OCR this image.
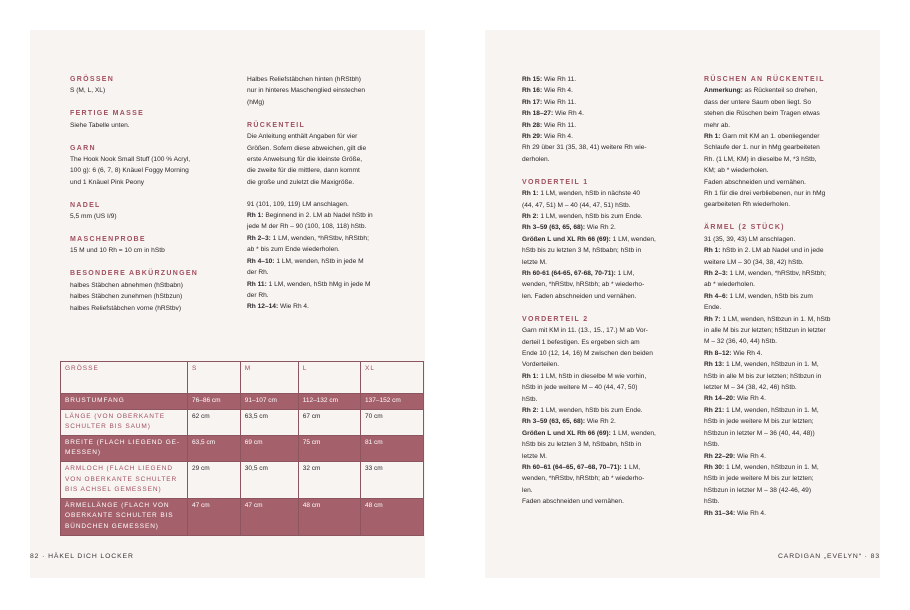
GRÖSSEN

S (M, L, XL)

FERTIGE MASSE

Siehe Tabelle unten.

GARN

The Hook Nook Small Stuff (100 % Acryl,
100 g): 6 (6, 7, 8) Knäuel Foggy Morning
und 1 Knäuel Pink Peony

NADEL

5,5 mm (US I/9)

MASCHENPROBE

15 M und 10 Rh = 10 cm in hStb

BESONDERE ABKÜRZUNGEN

halbes Stäbchen abnehmen (hStbabn)
halbes Stäbchen zunehmen (hStbzun)
halbes Reliefstäbchen vorne (hRStbv)
Halbes Reliefstäbchen hinten (hRStbh)
nur in hinteres Maschenglied einstechen
(hMg)

RÜCKENTEIL

Die Anleitung enthält Angaben für vier
Größen. Sofern diese abweichen, gilt die
erste Anwelsung für die kleinste Größe,
die zweite für die mittlere, dann kommt
die große und zuletzt die Maxigröße.
91 (101, 109, 119) LM anschlagen.
Rh 1: Beginnend in 2. LM ab Nadel hStb in
jede M der Rh – 90 (100, 108, 118) hStb.
Rh 2–3: 1 LM, wenden, *hRStbv, hRStbh;
ab * bis zum Ende wiederholen.
Rh 4–10: 1 LM, wenden, hStb in jede M
der Rh.
Rh 11: 1 LM, wenden, hStb hMg in jede M
der Rh.
Rh 12–14: Wie Rh 4.
GRÖSSE	S	M	L	XL

BRUSTUMFANG	76–86 cm	91–107 cm	112–132 cm	137–152 cm

LÄNGE (VON OBERKANTE
SCHULTER BIS SAUM)	62 cm	63,5 cm	67 cm	70 cm

BREITE (FLACH LIEGEND GE-
MESSEN)	63,5 cm	69 cm	75 cm	81 cm

ARMLOCH (FLACH LIEGEND
VON OBERKANTE SCHULTER
BIS ACHSEL GEMESSEN)	29 cm	30,5 cm	32 cm	33 cm

ÄRMELLÄNGE (FLACH VON
OBERKANTE SCHULTER BIS
BÜNDCHEN GEMESSEN)	47 cm	47 cm	48 cm	48 cm
82 · HÄKEL DICH LOCKER
Rh 15: Wie Rh 11.
Rh 16: Wie Rh 4.
Rh 17: Wie Rh 11.
Rh 18–27: Wie Rh 4.
Rh 28: Wie Rh 11.
Rh 29: Wie Rh 4.
Rh 29 über 31 (35, 38, 41) weitere Rh wie-
derholen.

VORDERTEIL 1

Rh 1: 1 LM, wenden, hStb in nächste 40
(44, 47, 51) M – 40 (44, 47, 51) hStb.
Rh 2: 1 LM, wenden, hStb bis zum Ende.
Rh 3–59 (63, 65, 68): Wie Rh 2.
Größen L und XL Rh 66 (69): 1 LM, wenden,
hStb bis zu letzten 3 M, hStbabn; hStb in
letzte M.
Rh 60-61 (64-65, 67-68, 70-71): 1 LM,
wenden, *hRStbv, hRStbh; ab * wiederho-
len. Faden abschneiden und vernähen.

VORDERTEIL 2

Garn mit KM in 11. (13., 15., 17.) M ab Vor-
derteil 1 befestigen. Es ergeben sich am
Ende 10 (12, 14, 16) M zwischen den beiden
Vorderteilen.
Rh 1: 1 LM, hStb in dieselbe M wie vorhin,
hStb in jede weitere M – 40 (44, 47, 50)
hStb.
Rh 2: 1 LM, wenden, hStb bis zum Ende.
Rh 3–59 (63, 65, 68): Wie Rh 2.
Größen L und XL Rh 66 (69): 1 LM, wenden,
hStb bis zu letzten 3 M, hStbabn, hStb in
letzte M.
Rh 60–61 (64–65, 67–68, 70–71): 1 LM,
wenden, *hRStbv, hRStbh; ab * wiederho-
len.
Faden abschneiden und vernähen.

RÜSCHEN AN RÜCKENTEIL

Anmerkung: as Rückenteil so drehen,
dass der untere Saum oben liegt. So
stehen die Rüschen beim Tragen etwas
mehr ab.
Rh 1: Garn mit KM an 1. obenliegender
Schlaufe der 1. nur in hMg gearbeiteten
Rh. (1 LM, KM) in dieselbe M, *3 hStb,
KM; ab * wiederholen.
Faden abschneiden und vernähen.
Rh 1 für die drei verbliebenen, nur in hMg
gearbeiteten Rh wiederholen.

ÄRMEL (2 STÜCK)

31 (35, 39, 43) LM anschlagen.
Rh 1: hStb in 2. LM ab Nadel und in jede
weitere LM – 30 (34, 38, 42) hStb.
Rh 2–3: 1 LM, wenden, *hRStbv, hRStbh;
ab * wiederholen.
Rh 4–6: 1 LM, wenden, hStb bis zum
Ende.
Rh 7: 1 LM, wenden, hStbzun in 1. M, hStb
in alle M bis zur letzten; hStbzun in letzter
M – 32 (36, 40, 44) hStb.
Rh 8–12: Wie Rh 4.
Rh 13: 1 LM, wenden, hStbzun in 1. M,
hStb in alle M bis zur letzten; hStbzun in
letzter M – 34 (38, 42, 46) hStb.
Rh 14–20: Wie Rh 4.
Rh 21: 1 LM, wenden, hStbzun in 1. M,
hStb in jede weitere M bis zur letzten;
hStbzun in letzter M – 36 (40, 44, 48))
hStb.
Rh 22–29: Wie Rh 4.
Rh 30: 1 LM, wenden, hStbzun in 1. M,
hStb in jede weitere M bis zur letzten;
hStbzun in letzter M – 38 (42-46, 49)
hStb.
Rh 31–34: Wie Rh 4.
CARDIGAN „EVELYN“ · 83
